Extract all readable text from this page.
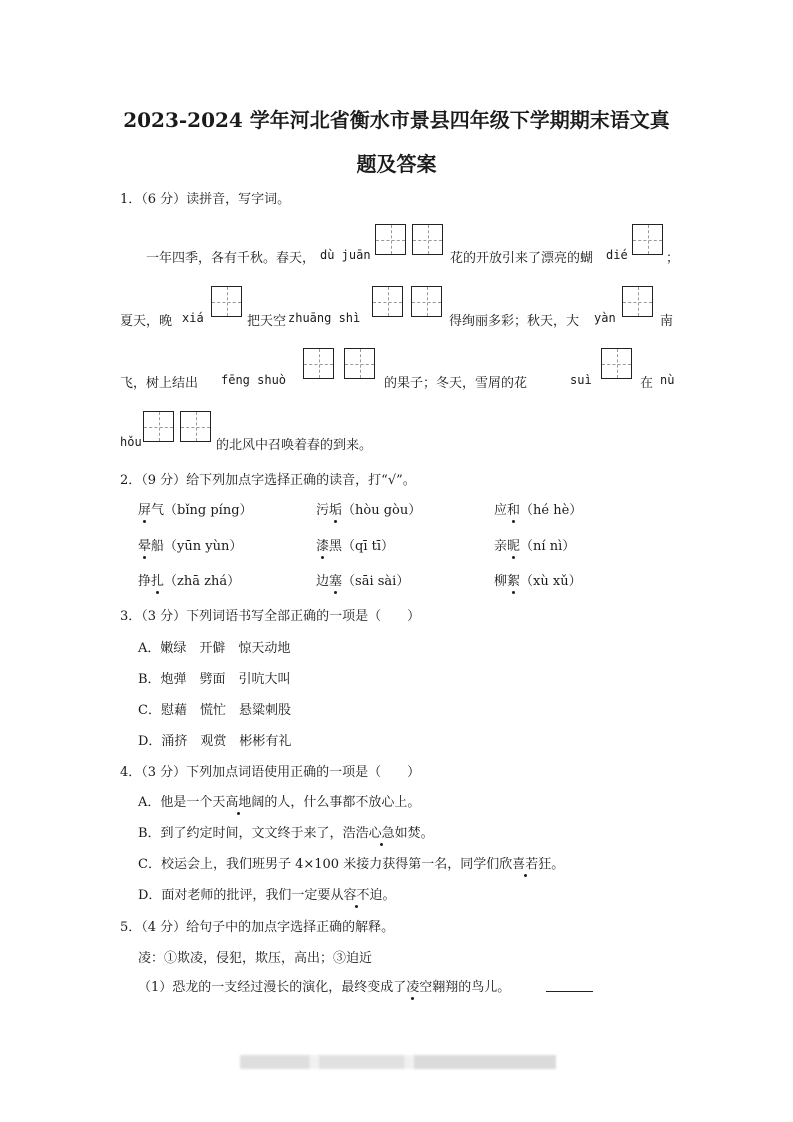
2023-2024 学年河北省衡水市景县四年级下学期期末语文真
题及答案
1．（6 分）读拼音，写字词。
一年四季，各有千秋。春天， dù juān	花的开放引来了漂亮的蝴 dié	；
夏天，晚 xiá	把天空 zhuāng shì	得绚丽多彩；秋天，大 yàn	南
飞，树上结出 fēng shuò	的果子；冬天，雪屑的花	suì	在 nù
hǒu	的北风中召唤着春的到来。
2．（9 分）给下列加点字选择正确的读音，打“√”。
屏气（bǐng píng）	污垢（hòu gòu）	应和（hé hè）
晕船（yūn yùn）	漆黑（qī tī）	亲昵（ní nì）
挣扎（zhā zhá）	边塞（sāi sài）	柳絮（xù xǔ）
3．（3 分）下列词语书写全部正确的一项是（　　）
A．嫩绿　开僻　惊天动地
B．炮弹　劈面　引吭大叫
C．慰藉　慌忙　悬粱刺股
D．涌挤　观赏　彬彬有礼
4．（3 分）下列加点词语使用正确的一项是（　　）
A．他是一个天高地阔的人，什么事都不放心上。
B．到了约定时间，文文终于来了，浩浩心急如焚。
C．校运会上，我们班男子 4×100 米接力获得第一名，同学们欣喜若狂。
D．面对老师的批评，我们一定要从容不迫。
5．（4 分）给句子中的加点字选择正确的解释。
凌：①欺凌，侵犯，欺压，高出；③迫近
（1）恐龙的一支经过漫长的演化，最终变成了凌空翱翔的鸟儿。
